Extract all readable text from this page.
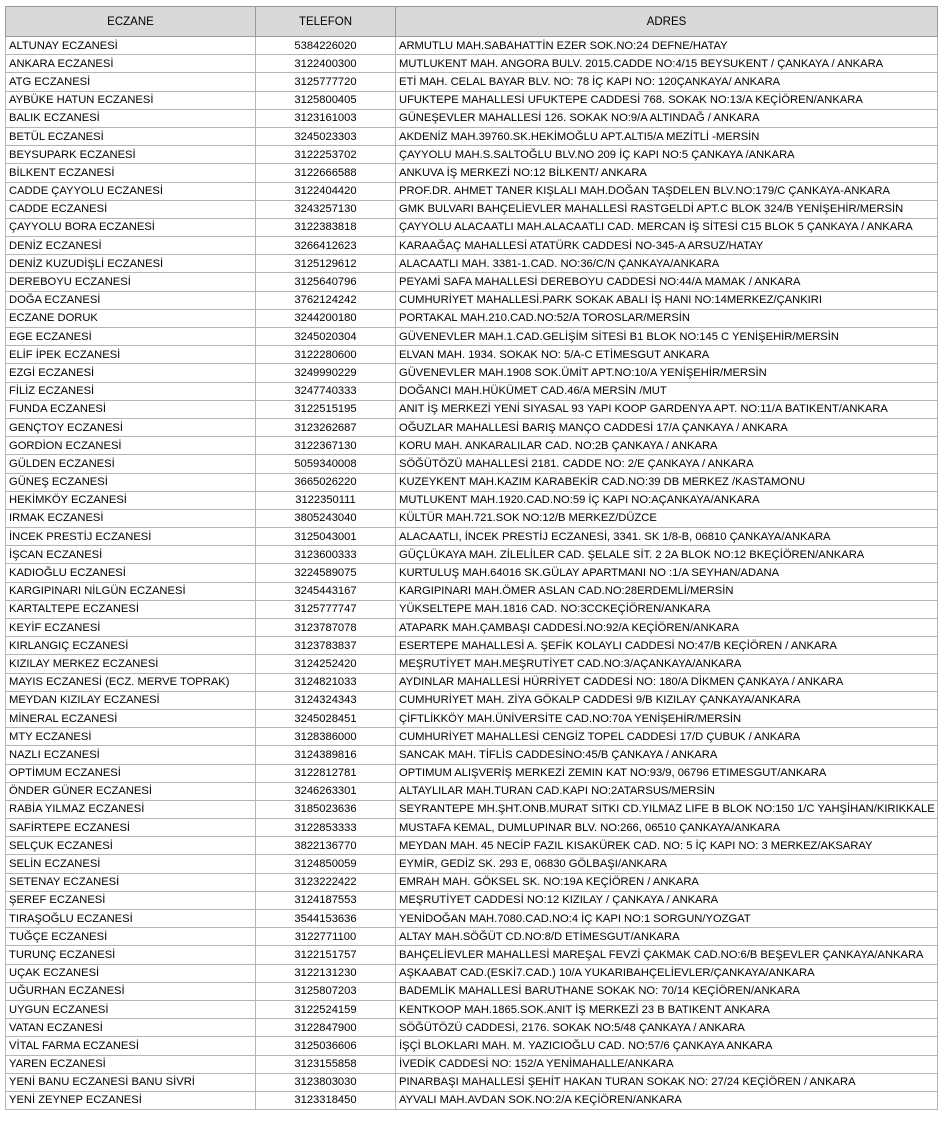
ECZANE	TELEFON	ADRES
ALTUNAY ECZANESİ	5384226020	ARMUTLU MAH.SABAHATTİN EZER SOK.NO:24 DEFNE/HATAY
ANKARA ECZANESİ	3122400300	MUTLUKENT MAH. ANGORA BULV. 2015.CADDE NO:4/15 BEYSUKENT / ÇANKAYA / ANKARA
ATG ECZANESİ	3125777720	ETİ MAH. CELAL BAYAR BLV. NO: 78 İÇ KAPI NO: 120ÇANKAYA/ ANKARA
AYBÜKE HATUN ECZANESİ	3125800405	UFUKTEPE MAHALLESİ UFUKTEPE CADDESİ 768. SOKAK NO:13/A KEÇİÖREN/ANKARA
BALIK ECZANESİ	3123161003	GÜNEŞEVLER MAHALLESİ 126. SOKAK NO:9/A ALTINDAĞ / ANKARA
BETÜL ECZANESİ	3245023303	AKDENİZ MAH.39760.SK.HEKİMOĞLU APT.ALTI5/A MEZİTLİ -MERSİN
BEYSUPARK ECZANESİ	3122253702	ÇAYYOLU MAH.S.SALTOĞLU BLV.NO 209 İÇ KAPI NO:5 ÇANKAYA /ANKARA
BİLKENT ECZANESİ	3122666588	ANKUVA İŞ MERKEZİ NO:12 BİLKENT/ ANKARA
CADDE ÇAYYOLU ECZANESİ	3122404420	PROF.DR. AHMET TANER KIŞLALI MAH.DOĞAN TAŞDELEN BLV.NO:179/C ÇANKAYA-ANKARA
CADDE ECZANESİ	3243257130	GMK BULVARI BAHÇELİEVLER MAHALLESİ RASTGELDİ APT.C BLOK 324/B YENİŞEHİR/MERSİN
ÇAYYOLU BORA ECZANESİ	3122383818	ÇAYYOLU ALACAATLI MAH.ALACAATLI CAD. MERCAN İŞ SİTESİ C15 BLOK 5 ÇANKAYA / ANKARA
DENİZ ECZANESİ	3266412623	KARAAĞAÇ MAHALLESİ ATATÜRK CADDESİ NO-345-A ARSUZ/HATAY
DENİZ KUZUDİŞLİ ECZANESİ	3125129612	ALACAATLI MAH. 3381-1.CAD. NO:36/C/N ÇANKAYA/ANKARA
DEREBOYU ECZANESİ	3125640796	PEYAMİ SAFA MAHALLESİ DEREBOYU CADDESİ NO:44/A MAMAK / ANKARA
DOĞA ECZANESİ	3762124242	CUMHURİYET MAHALLESİ.PARK SOKAK ABALI İŞ HANI NO:14MERKEZ/ÇANKIRI
ECZANE DORUK	3244200180	PORTAKAL MAH.210.CAD.NO:52/A TOROSLAR/MERSİN
EGE ECZANESİ	3245020304	GÜVENEVLER MAH.1.CAD.GELİŞİM SİTESİ B1 BLOK NO:145 C YENİŞEHİR/MERSİN
ELİF İPEK ECZANESİ	3122280600	ELVAN MAH. 1934. SOKAK NO: 5/A-C ETİMESGUT ANKARA
EZGİ ECZANESİ	3249990229	GÜVENEVLER MAH.1908 SOK.ÜMİT APT.NO:10/A YENİŞEHİR/MERSİN
FİLİZ ECZANESİ	3247740333	DOĞANCI MAH.HÜKÜMET CAD.46/A MERSİN /MUT
FUNDA ECZANESİ	3122515195	ANIT İŞ MERKEZİ YENİ SIYASAL 93 YAPI KOOP GARDENYA APT. NO:11/A BATIKENT/ANKARA
GENÇTOY ECZANESİ	3123262687	OĞUZLAR MAHALLESİ BARIŞ MANÇO CADDESİ 17/A ÇANKAYA / ANKARA
GORDİON ECZANESİ	3122367130	KORU MAH. ANKARALILAR CAD. NO:2B ÇANKAYA / ANKARA
GÜLDEN ECZANESİ	5059340008	SÖĞÜTÖZÜ MAHALLESİ 2181. CADDE NO: 2/E ÇANKAYA / ANKARA
GÜNEŞ ECZANESİ	3665026220	KUZEYKENT MAH.KAZIM KARABEKİR CAD.NO:39 DB MERKEZ /KASTAMONU
HEKİMKÖY ECZANESİ	3122350111	MUTLUKENT MAH.1920.CAD.NO:59 İÇ KAPI NO:AÇANKAYA/ANKARA
IRMAK ECZANESİ	3805243040	KÜLTÜR MAH.721.SOK NO:12/B MERKEZ/DÜZCE
İNCEK PRESTİJ ECZANESİ	3125043001	ALACAATLI, İNCEK PRESTİJ ECZANESİ, 3341. SK 1/8-B, 06810 ÇANKAYA/ANKARA
İŞCAN ECZANESİ	3123600333	GÜÇLÜKAYA MAH. ZİLELİLER CAD. ŞELALE SİT. 2 2A BLOK NO:12 BKEÇİÖREN/ANKARA
KADIOĞLU ECZANESİ	3224589075	KURTULUŞ MAH.64016 SK.GÜLAY APARTMANI NO :1/A SEYHAN/ADANA
KARGIPINARI NİLGÜN ECZANESİ	3245443167	KARGIPINARI MAH.ÖMER ASLAN CAD.NO:28ERDEMLİ/MERSİN
KARTALTEPE ECZANESİ	3125777747	YÜKSELTEPE MAH.1816 CAD. NO:3CCKEÇİÖREN/ANKARA
KEYİF ECZANESİ	3123787078	ATAPARK MAH.ÇAMBAŞI CADDESİ.NO:92/A KEÇİÖREN/ANKARA
KIRLANGIÇ ECZANESİ	3123783837	ESERTEPE MAHALLESİ A. ŞEFİK KOLAYLI CADDESİ NO:47/B KEÇİÖREN / ANKARA
KIZILAY MERKEZ ECZANESİ	3124252420	MEŞRUTİYET MAH.MEŞRUTİYET CAD.NO:3/AÇANKAYA/ANKARA
MAYIS ECZANESİ (ECZ. MERVE TOPRAK)	3124821033	AYDINLAR MAHALLESİ HÜRRİYET CADDESİ NO: 180/A DİKMEN ÇANKAYA / ANKARA
MEYDAN KIZILAY ECZANESİ	3124324343	CUMHURİYET MAH. ZİYA GÖKALP CADDESİ 9/B KIZILAY ÇANKAYA/ANKARA
MİNERAL ECZANESİ	3245028451	ÇİFTLİKKÖY MAH.ÜNİVERSİTE CAD.NO:70A YENİŞEHİR/MERSİN
MTY ECZANESİ	3128386000	CUMHURİYET MAHALLESİ CENGİZ TOPEL CADDESİ 17/D ÇUBUK / ANKARA
NAZLI ECZANESİ	3124389816	SANCAK MAH. TİFLİS CADDESİNO:45/B ÇANKAYA / ANKARA
OPTİMUM ECZANESİ	3122812781	OPTIMUM ALIŞVERİŞ MERKEZİ ZEMIN KAT NO:93/9, 06796 ETIMESGUT/ANKARA
ÖNDER GÜNER ECZANESİ	3246263301	ALTAYLILAR MAH.TURAN CAD.KAPI NO:2ATARSUS/MERSİN
RABİA YILMAZ ECZANESİ	3185023636	SEYRANTEPE MH.ŞHT.ONB.MURAT SITKI CD.YILMAZ LIFE B BLOK NO:150 1/C YAHŞİHAN/KIRIKKALE
SAFİRTEPE ECZANESİ	3122853333	MUSTAFA KEMAL, DUMLUPINAR BLV. NO:266, 06510 ÇANKAYA/ANKARA
SELÇUK ECZANESİ	3822136770	MEYDAN MAH. 45 NECİP FAZIL KISAKÜREK CAD. NO: 5 İÇ KAPI NO: 3 MERKEZ/AKSARAY
SELİN ECZANESİ	3124850059	EYMİR, GEDİZ SK. 293 E, 06830 GÖLBAŞI/ANKARA
SETENAY ECZANESİ	3123222422	EMRAH MAH. GÖKSEL SK. NO:19A KEÇİÖREN / ANKARA
ŞEREF ECZANESİ	3124187553	MEŞRUTİYET CADDESİ NO:12 KIZILAY / ÇANKAYA / ANKARA
TIRAŞOĞLU ECZANESİ	3544153636	YENİDOĞAN MAH.7080.CAD.NO:4 İÇ KAPI NO:1 SORGUN/YOZGAT
TUĞÇE ECZANESİ	3122771100	ALTAY MAH.SÖĞÜT CD.NO:8/D ETİMESGUT/ANKARA
TURUNÇ ECZANESİ	3122151757	BAHÇELİEVLER MAHALLESİ MAREŞAL FEVZİ ÇAKMAK CAD.NO:6/B BEŞEVLER ÇANKAYA/ANKARA
UÇAK ECZANESİ	3122131230	AŞKAABAT CAD.(ESKİ7.CAD.) 10/A YUKARIBAHÇELİEVLER/ÇANKAYA/ANKARA
UĞURHAN ECZANESİ	3125807203	BADEMLİK MAHALLESİ BARUTHANE SOKAK NO: 70/14 KEÇİÖREN/ANKARA
UYGUN ECZANESİ	3122524159	KENTKOOP MAH.1865.SOK.ANIT İŞ MERKEZİ 23 B BATIKENT ANKARA
VATAN ECZANESİ	3122847900	SÖĞÜTÖZÜ CADDESİ, 2176. SOKAK NO:5/48 ÇANKAYA / ANKARA
VİTAL FARMA ECZANESİ	3125036606	İŞÇİ BLOKLARI MAH. M. YAZICIOĞLU CAD. NO:57/6 ÇANKAYA ANKARA
YAREN ECZANESİ	3123155858	İVEDİK CADDESİ NO: 152/A YENİMAHALLE/ANKARA
YENİ BANU ECZANESİ BANU SİVRİ	3123803030	PINARBAŞI MAHALLESİ ŞEHİT HAKAN TURAN SOKAK NO: 27/24 KEÇİÖREN / ANKARA
YENİ ZEYNEP ECZANESİ	3123318450	AYVALI MAH.AVDAN SOK.NO:2/A KEÇİÖREN/ANKARA
